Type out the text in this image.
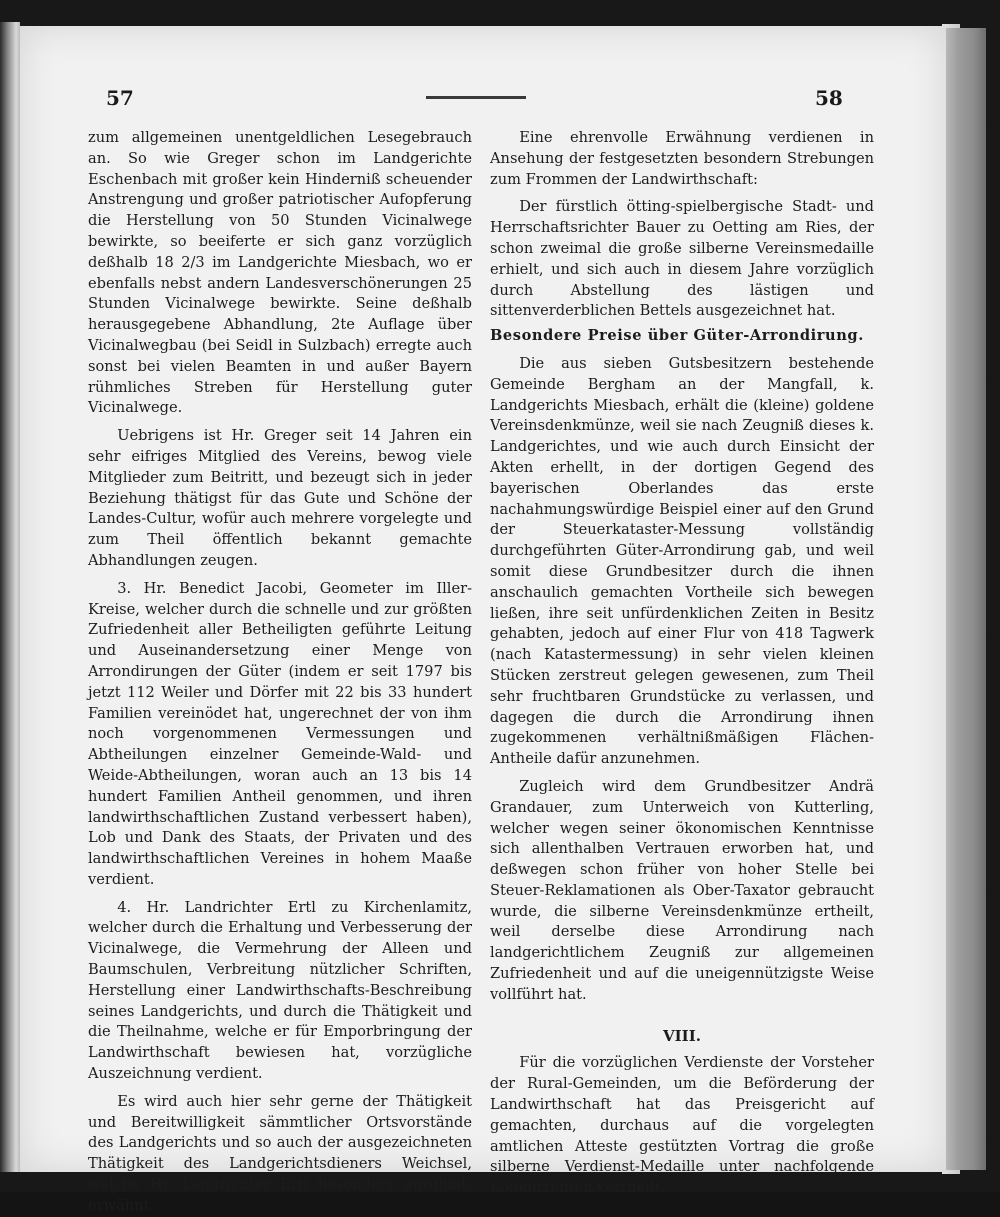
57	58

zum allgemeinen unentgeldlichen Lesegebrauch an. So wie Greger schon im Landgerichte Eschenbach mit großer kein Hinderniß scheuender Anstrengung und großer patriotischer Aufopferung die Herstellung von 50 Stunden Vicinalwege bewirkte, so beeiferte er sich ganz vorzüglich deßhalb 18 2/3 im Landgerichte Miesbach, wo er ebenfalls nebst andern Landesverschönerungen 25 Stunden Vicinalwege bewirkte. Seine deßhalb herausgegebene Abhandlung, 2te Auflage über Vicinalwegbau (bei Seidl in Sulzbach) erregte auch sonst bei vielen Beamten in und außer Bayern rühmliches Streben für Herstellung guter Vicinalwege.

Uebrigens ist Hr. Greger seit 14 Jahren ein sehr eifriges Mitglied des Vereins, bewog viele Mitglieder zum Beitritt, und bezeugt sich in jeder Beziehung thätigst für das Gute und Schöne der Landes-Cultur, wofür auch mehrere vorgelegte und zum Theil öffentlich bekannt gemachte Abhandlungen zeugen.

3. Hr. Benedict Jacobi, Geometer im Iller-Kreise, welcher durch die schnelle und zur größten Zufriedenheit aller Betheiligten geführte Leitung und Auseinandersetzung einer Menge von Arrondirungen der Güter (indem er seit 1797 bis jetzt 112 Weiler und Dörfer mit 22 bis 33 hundert Familien vereinödet hat, ungerechnet der von ihm noch vorgenommenen Vermessungen und Abtheilungen einzelner Gemeinde-Wald- und Weide-Abtheilungen, woran auch an 13 bis 14 hundert Familien Antheil genommen, und ihren landwirthschaftlichen Zustand verbessert haben), Lob und Dank des Staats, der Privaten und des landwirthschaftlichen Vereines in hohem Maaße verdient.

4. Hr. Landrichter Ertl zu Kirchenlamitz, welcher durch die Erhaltung und Verbesserung der Vicinalwege, die Vermehrung der Alleen und Baumschulen, Verbreitung nützlicher Schriften, Herstellung einer Landwirthschafts-Beschreibung seines Landgerichts, und durch die Thätigkeit und die Theilnahme, welche er für Emporbringung der Landwirthschaft bewiesen hat, vorzügliche Auszeichnung verdient.

Es wird auch hier sehr gerne der Thätigkeit und Bereitwilligkeit sämmtlicher Ortsvorstände des Landgerichts und so auch der ausgezeichneten Thätigkeit des Landgerichtsdieners Weichsel, welche Hr. Landrichter Ertl besonders anrühmt, erwähnt.

Eine ehrenvolle Erwähnung verdienen in Ansehung der festgesetzten besondern Strebungen zum Frommen der Landwirthschaft:

Der fürstlich ötting-spielbergische Stadt- und Herrschaftsrichter Bauer zu Oetting am Ries, der schon zweimal die große silberne Vereinsmedaille erhielt, und sich auch in diesem Jahre vorzüglich durch Abstellung des lästigen und sittenverderblichen Bettels ausgezeichnet hat.

Besondere Preise über Güter-Arrondirung.

Die aus sieben Gutsbesitzern bestehende Gemeinde Bergham an der Mangfall, k. Landgerichts Miesbach, erhält die (kleine) goldene Vereinsdenkmünze, weil sie nach Zeugniß dieses k. Landgerichtes, und wie auch durch Einsicht der Akten erhellt, in der dortigen Gegend des bayerischen Oberlandes das erste nachahmungswürdige Beispiel einer auf den Grund der Steuerkataster-Messung vollständig durchgeführten Güter-Arrondirung gab, und weil somit diese Grundbesitzer durch die ihnen anschaulich gemachten Vortheile sich bewegen ließen, ihre seit unfürdenklichen Zeiten in Besitz gehabten, jedoch auf einer Flur von 418 Tagwerk (nach Katastermessung) in sehr vielen kleinen Stücken zerstreut gelegen gewesenen, zum Theil sehr fruchtbaren Grundstücke zu verlassen, und dagegen die durch die Arrondirung ihnen zugekommenen verhältnißmäßigen Flächen-Antheile dafür anzunehmen.

Zugleich wird dem Grundbesitzer Andrä Grandauer, zum Unterweich von Kutterling, welcher wegen seiner ökonomischen Kenntnisse sich allenthalben Vertrauen erworben hat, und deßwegen schon früher von hoher Stelle bei Steuer-Reklamationen als Ober-Taxator gebraucht wurde, die silberne Vereinsdenkmünze ertheilt, weil derselbe diese Arrondirung nach landgerichtlichem Zeugniß zur allgemeinen Zufriedenheit und auf die uneigennützigste Weise vollführt hat.

VIII.

Für die vorzüglichen Verdienste der Vorsteher der Rural-Gemeinden, um die Beförderung der Landwirthschaft hat das Preisgericht auf gemachten, durchaus auf die vorgelegten amtlichen Atteste gestützten Vortrag die große silberne Verdienst-Medaille unter nachfolgende Konkurrenten vertheilt.
